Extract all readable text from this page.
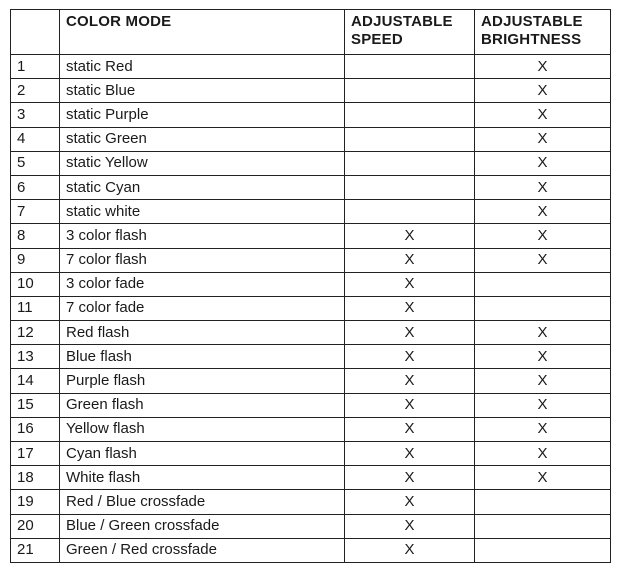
	COLOR MODE	ADJUSTABLE SPEED	ADJUSTABLE BRIGHTNESS
1	static Red		X
2	static Blue		X
3	static Purple		X
4	static Green		X
5	static Yellow		X
6	static Cyan		X
7	static white		X
8	3 color flash	X	X
9	7 color flash	X	X
10	3 color fade	X	
11	7 color fade	X	
12	Red flash	X	X
13	Blue flash	X	X
14	Purple flash	X	X
15	Green flash	X	X
16	Yellow flash	X	X
17	Cyan flash	X	X
18	White flash	X	X
19	Red / Blue crossfade	X	
20	Blue / Green crossfade	X	
21	Green / Red crossfade	X	
